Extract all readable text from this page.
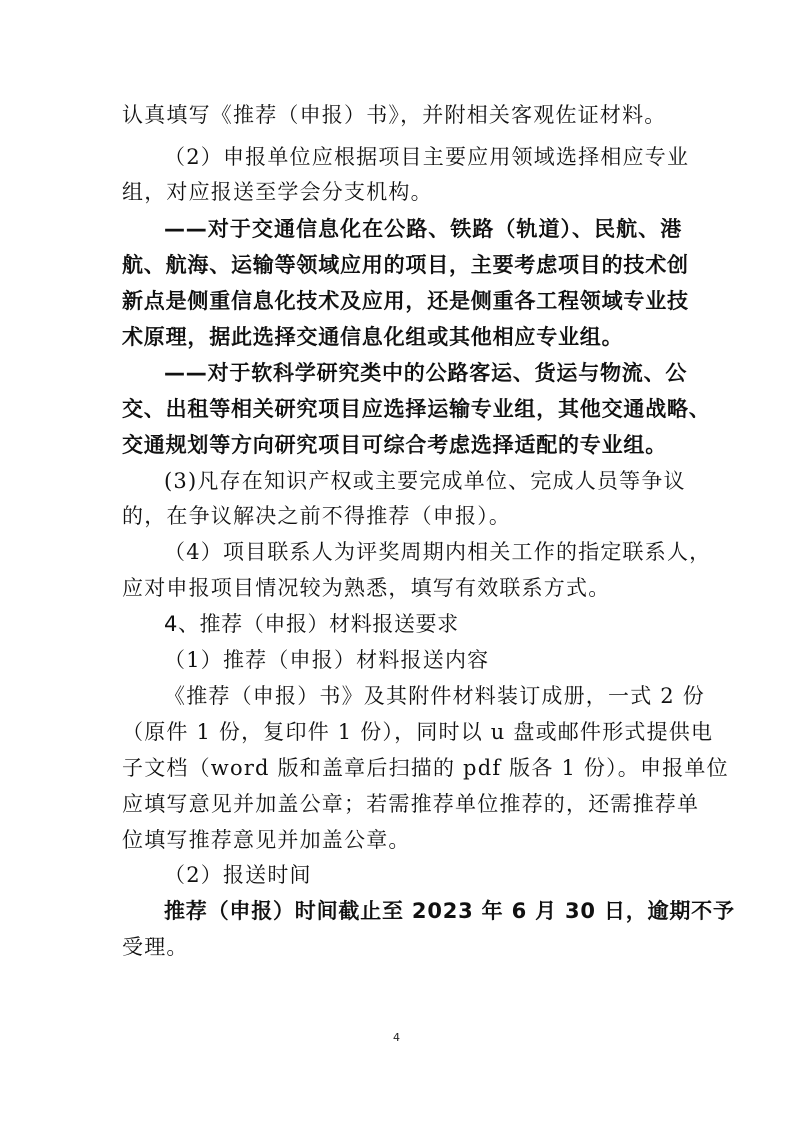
认真填写《推荐（申报）书》，并附相关客观佐证材料。
（2）申报单位应根据项目主要应用领域选择相应专业
组，对应报送至学会分支机构。
——对于交通信息化在公路、铁路（轨道）、民航、港
航、航海、运输等领域应用的项目，主要考虑项目的技术创
新点是侧重信息化技术及应用，还是侧重各工程领域专业技
术原理，据此选择交通信息化组或其他相应专业组。
——对于软科学研究类中的公路客运、货运与物流、公
交、出租等相关研究项目应选择运输专业组，其他交通战略、
交通规划等方向研究项目可综合考虑选择适配的专业组。
(3)凡存在知识产权或主要完成单位、完成人员等争议
的，在争议解决之前不得推荐（申报）。
（4）项目联系人为评奖周期内相关工作的指定联系人，
应对申报项目情况较为熟悉，填写有效联系方式。
4、推荐（申报）材料报送要求
（1）推荐（申报）材料报送内容
《推荐（申报）书》及其附件材料装订成册，一式 2 份
（原件 1 份，复印件 1 份），同时以 u 盘或邮件形式提供电
子文档（word 版和盖章后扫描的 pdf 版各 1 份）。申报单位
应填写意见并加盖公章；若需推荐单位推荐的，还需推荐单
位填写推荐意见并加盖公章。
（2）报送时间
推荐（申报）时间截止至 2023 年 6 月 30 日，逾期不予
受理。
4
